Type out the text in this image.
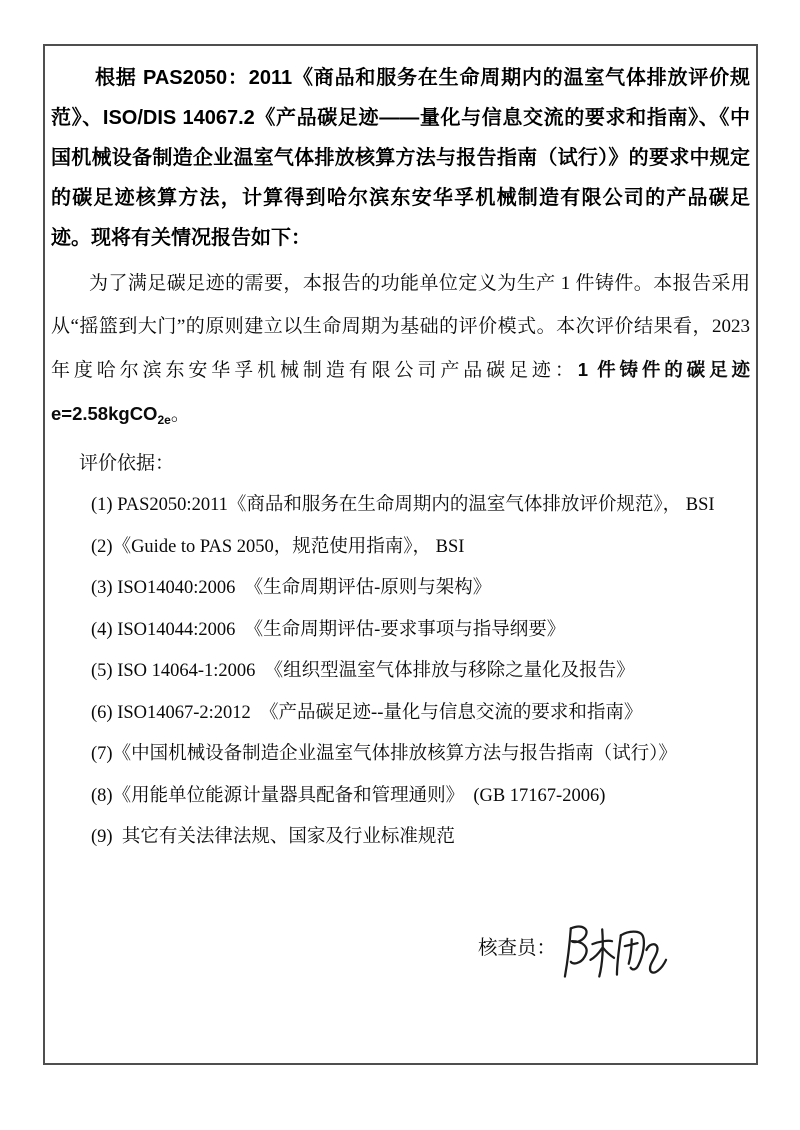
根据 PAS2050：2011《商品和服务在生命周期内的温室气体排放评价规范》、ISO/DIS 14067.2《产品碳足迹——量化与信息交流的要求和指南》、《中国机械设备制造企业温室气体排放核算方法与报告指南（试行）》的要求中规定的碳足迹核算方法，计算得到哈尔滨东安华孚机械制造有限公司的产品碳足迹。现将有关情况报告如下：

为了满足碳足迹的需要，本报告的功能单位定义为生产 1 件铸件。本报告采用从“摇篮到大门”的原则建立以生命周期为基础的评价模式。本次评价结果看，2023 年度哈尔滨东安华孚机械制造有限公司产品碳足迹：1 件铸件的碳足迹 e=2.58kgCO$_{2e}$。

评价依据：

(1) PAS2050:2011《商品和服务在生命周期内的温室气体排放评价规范》， BSI

(2)《Guide to PAS 2050，规范使用指南》， BSI

(3) ISO14040:2006  《生命周期评估-原则与架构》

(4) ISO14044:2006  《生命周期评估-要求事项与指导纲要》

(5) ISO 14064-1:2006  《组织型温室气体排放与移除之量化及报告》

(6) ISO14067-2:2012  《产品碳足迹--量化与信息交流的要求和指南》

(7)《中国机械设备制造企业温室气体排放核算方法与报告指南（试行）》

(8)《用能单位能源计量器具配备和管理通则》  (GB 17167-2006)

(9)  其它有关法律法规、国家及行业标准规范

核查员：
